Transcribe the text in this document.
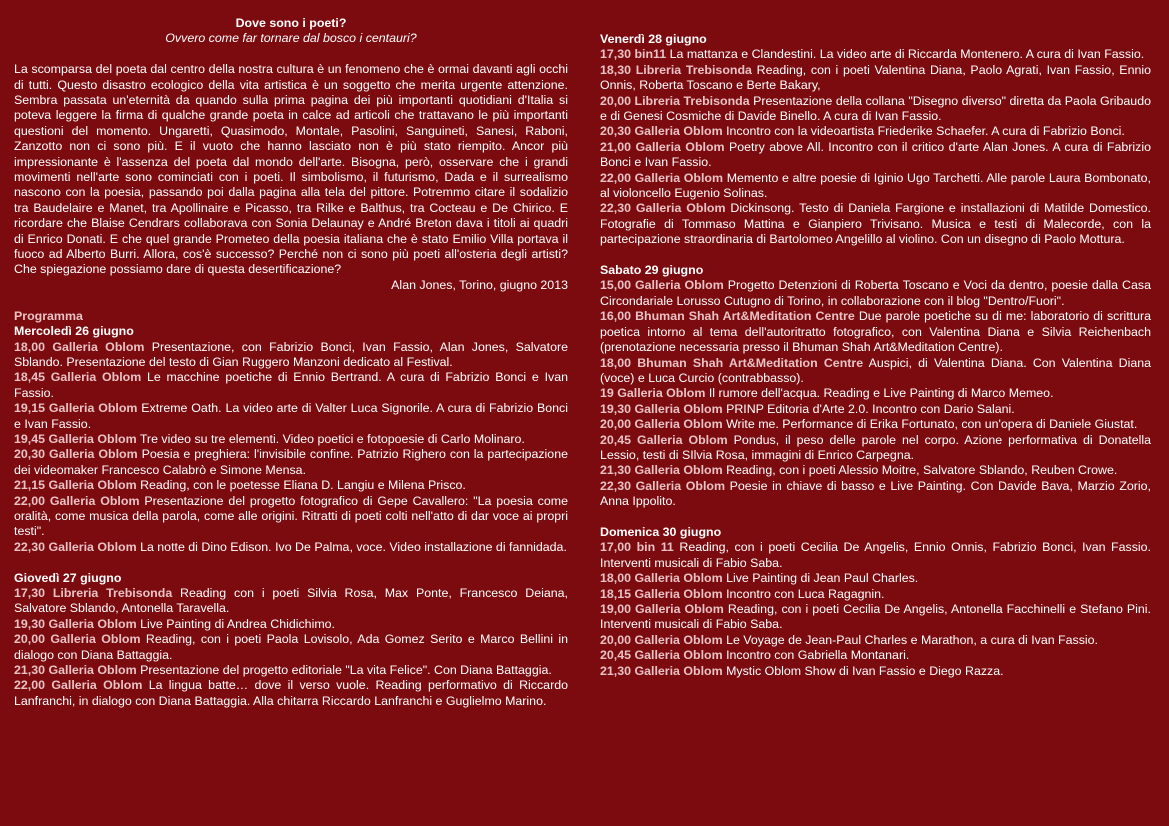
Dove sono i poeti?

Ovvero come far tornare dal bosco i centauri?

La scomparsa del poeta dal centro della nostra cultura è un fenomeno che è ormai davanti agli occhi di tutti. Questo disastro ecologico della vita artistica è un soggetto che merita urgente attenzione. Sembra passata un'eternità da quando sulla prima pagina dei più importanti quotidiani d'Italia si poteva leggere la firma di qualche grande poeta in calce ad articoli che trattavano le più importanti questioni del momento. Ungaretti, Quasimodo, Montale, Pasolini, Sanguineti, Sanesi, Raboni, Zanzotto non ci sono più. E il vuoto che hanno lasciato non è più stato riempito. Ancor più impressionante è l'assenza del poeta dal mondo dell'arte. Bisogna, però, osservare che i grandi movimenti nell'arte sono cominciati con i poeti. Il simbolismo, il futurismo, Dada e il surrealismo nascono con la poesia, passando poi dalla pagina alla tela del pittore. Potremmo citare il sodalizio tra Baudelaire e Manet, tra Apollinaire e Picasso, tra Rilke e Balthus, tra Cocteau e De Chirico. E ricordare che Blaise Cendrars collaborava con Sonia Delaunay e André Breton dava i titoli ai quadri di Enrico Donati. E che quel grande Prometeo della poesia italiana che è stato Emilio Villa portava il fuoco ad Alberto Burri. Allora, cos'è successo? Perché non ci sono più poeti all'osteria degli artisti? Che spiegazione possiamo dare di questa desertificazione?

Alan Jones, Torino, giugno 2013

Programma

Mercoledì 26 giugno

18,00 Galleria Oblom Presentazione, con Fabrizio Bonci, Ivan Fassio, Alan Jones, Salvatore Sblando. Presentazione del testo di Gian Ruggero Manzoni dedicato al Festival.

18,45 Galleria Oblom Le macchine poetiche di Ennio Bertrand. A cura di Fabrizio Bonci e Ivan Fassio.

19,15 Galleria Oblom Extreme Oath. La video arte di Valter Luca Signorile. A cura di Fabrizio Bonci e Ivan Fassio.

19,45 Galleria Oblom Tre video su tre elementi. Video poetici e fotopoesie di Carlo Molinaro.

20,30 Galleria Oblom Poesia e preghiera: l'invisibile confine. Patrizio Righero con la partecipazione dei videomaker Francesco Calabrò e Simone Mensa.

21,15 Galleria Oblom Reading, con le poetesse Eliana D. Langiu e Milena Prisco.

22,00 Galleria Oblom Presentazione del progetto fotografico di Gepe Cavallero: "La poesia come oralità, come musica della parola, come alle origini. Ritratti di poeti colti nell'atto di dar voce ai propri testi".

22,30 Galleria Oblom La notte di Dino Edison. Ivo De Palma, voce. Video installazione di fannidada.

Giovedì 27 giugno

17,30 Libreria Trebisonda Reading con i poeti Silvia Rosa, Max Ponte, Francesco Deiana, Salvatore Sblando, Antonella Taravella.

19,30 Galleria Oblom Live Painting di Andrea Chidichimo.

20,00 Galleria Oblom Reading, con i poeti Paola Lovisolo, Ada Gomez Serito e Marco Bellini in dialogo con Diana Battaggia.

21,30 Galleria Oblom Presentazione del progetto editoriale "La vita Felice". Con Diana Battaggia.

22,00 Galleria Oblom La lingua batte… dove il verso vuole. Reading performativo di Riccardo Lanfranchi, in dialogo con Diana Battaggia. Alla chitarra Riccardo Lanfranchi e Guglielmo Marino.

Venerdì 28 giugno

17,30 bin11 La mattanza e Clandestini. La video arte di Riccarda Montenero. A cura di Ivan Fassio.

18,30 Libreria Trebisonda Reading, con i poeti Valentina Diana, Paolo Agrati, Ivan Fassio, Ennio Onnis, Roberta Toscano e Berte Bakary,

20,00 Libreria Trebisonda Presentazione della collana "Disegno diverso" diretta da Paola Gribaudo e di Genesi Cosmiche di Davide Binello. A cura di Ivan Fassio.

20,30 Galleria Oblom Incontro con la videoartista Friederike Schaefer. A cura di Fabrizio Bonci.

21,00 Galleria Oblom Poetry above All. Incontro con il critico d'arte Alan Jones. A cura di Fabrizio Bonci e Ivan Fassio.

22,00 Galleria Oblom Memento e altre poesie di Iginio Ugo Tarchetti. Alle parole Laura Bombonato, al violoncello Eugenio Solinas.

22,30 Galleria Oblom Dickinsong. Testo di Daniela Fargione e installazioni di Matilde Domestico. Fotografie di Tommaso Mattina e Gianpiero Trivisano. Musica e testi di Malecorde, con la partecipazione straordinaria di Bartolomeo Angelillo al violino. Con un disegno di Paolo Mottura.

Sabato 29 giugno

15,00 Galleria Oblom Progetto Detenzioni di Roberta Toscano e Voci da dentro, poesie dalla Casa Circondariale Lorusso Cutugno di Torino, in collaborazione con il blog "Dentro/Fuori".

16,00 Bhuman Shah Art&Meditation Centre Due parole poetiche su di me: laboratorio di scrittura poetica intorno al tema dell'autoritratto fotografico, con Valentina Diana e Silvia Reichenbach (prenotazione necessaria presso il Bhuman Shah Art&Meditation Centre).

18,00 Bhuman Shah Art&Meditation Centre Auspici, di Valentina Diana. Con Valentina Diana (voce) e Luca Curcio (contrabbasso).

19 Galleria Oblom Il rumore dell'acqua. Reading e Live Painting di Marco Memeo.

19,30 Galleria Oblom PRINP Editoria d'Arte 2.0. Incontro con Dario Salani.

20,00 Galleria Oblom Write me. Performance di Erika Fortunato, con un'opera di Daniele Giustat.

20,45 Galleria Oblom Pondus, il peso delle parole nel corpo. Azione performativa di Donatella Lessio, testi di SIlvia Rosa, immagini di Enrico Carpegna.

21,30 Galleria Oblom Reading, con i poeti Alessio Moitre, Salvatore Sblando, Reuben Crowe.

22,30 Galleria Oblom Poesie in chiave di basso e Live Painting. Con Davide Bava, Marzio Zorio, Anna Ippolito.

Domenica 30 giugno

17,00 bin 11 Reading, con i poeti Cecilia De Angelis, Ennio Onnis, Fabrizio Bonci, Ivan Fassio. Interventi musicali di Fabio Saba.

18,00 Galleria Oblom Live Painting di Jean Paul Charles.

18,15 Galleria Oblom Incontro con Luca Ragagnin.

19,00 Galleria Oblom Reading, con i poeti Cecilia De Angelis, Antonella Facchinelli e Stefano Pini. Interventi musicali di Fabio Saba.

20,00 Galleria Oblom Le Voyage de Jean-Paul Charles e Marathon, a cura di Ivan Fassio.

20,45 Galleria Oblom Incontro con Gabriella Montanari.

21,30 Galleria Oblom Mystic Oblom Show di Ivan Fassio e Diego Razza.
